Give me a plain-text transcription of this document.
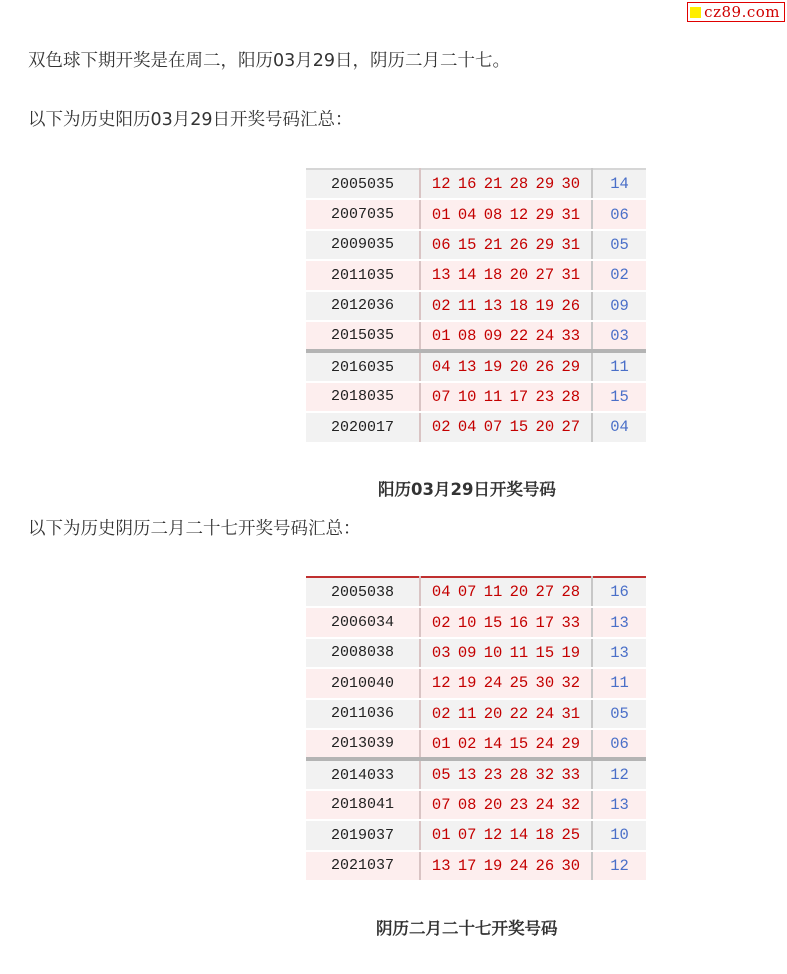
cz89.com

双色球下期开奖是在周二，阳历03月29日，阴历二月二十七。

以下为历史阳历03月29日开奖号码汇总：

2005035	12 16 21 28 29 30	14
2007035	01 04 08 12 29 31	06
2009035	06 15 21 26 29 31	05
2011035	13 14 18 20 27 31	02
2012036	02 11 13 18 19 26	09
2015035	01 08 09 22 24 33	03
2016035	04 13 19 20 26 29	11
2018035	07 10 11 17 23 28	15
2020017	02 04 07 15 20 27	04

阳历03月29日开奖号码

以下为历史阴历二月二十七开奖号码汇总：

2005038	04 07 11 20 27 28	16
2006034	02 10 15 16 17 33	13
2008038	03 09 10 11 15 19	13
2010040	12 19 24 25 30 32	11
2011036	02 11 20 22 24 31	05
2013039	01 02 14 15 24 29	06
2014033	05 13 23 28 32 33	12
2018041	07 08 20 23 24 32	13
2019037	01 07 12 14 18 25	10
2021037	13 17 19 24 26 30	12

阴历二月二十七开奖号码
